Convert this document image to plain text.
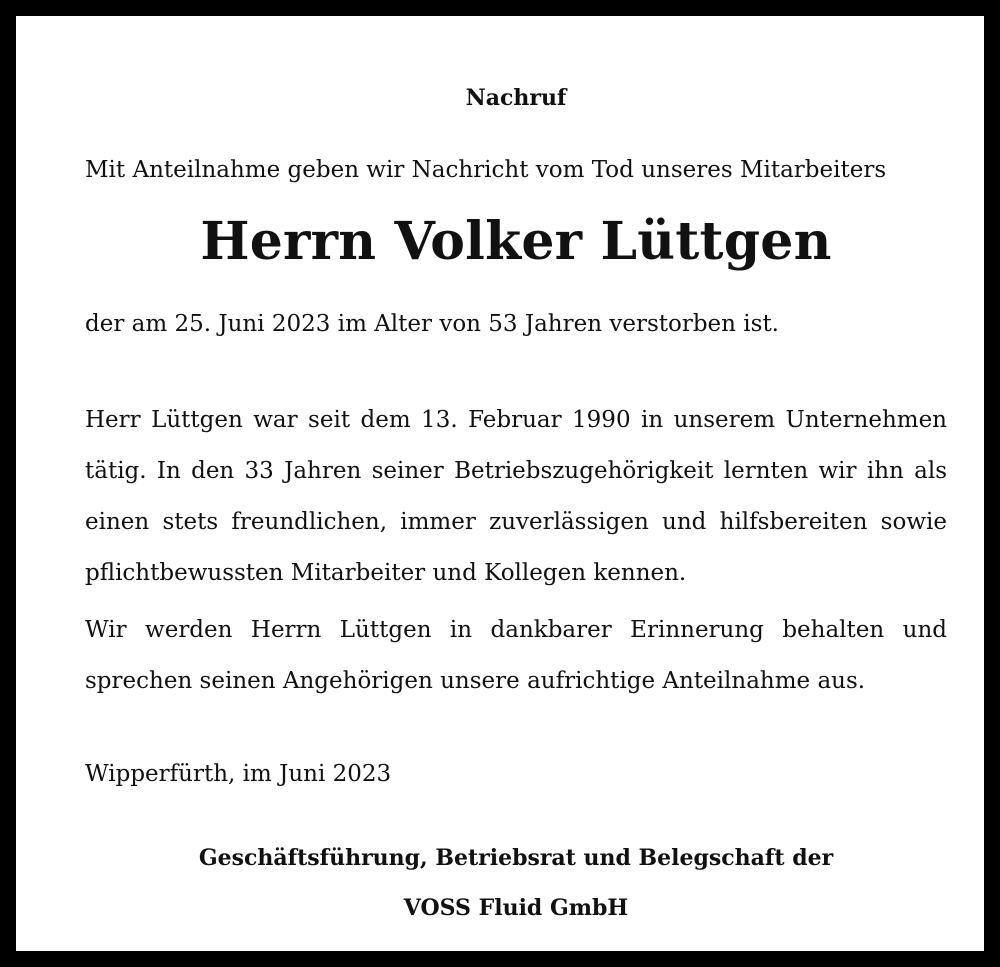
Nachruf

Mit Anteilnahme geben wir Nachricht vom Tod unseres Mitarbeiters

Herrn Volker Lüttgen

der am 25. Juni 2023 im Alter von 53 Jahren verstorben ist.

Herr Lüttgen war seit dem 13. Februar 1990 in unserem Unternehmen tätig. In den 33 Jahren seiner Betriebszugehörigkeit lernten wir ihn als einen stets freundlichen, immer zuverlässigen und hilfsbereiten sowie pflichtbewussten Mitarbeiter und Kollegen kennen.

Wir werden Herrn Lüttgen in dankbarer Erinnerung behalten und sprechen seinen Angehörigen unsere aufrichtige Anteilnahme aus.

Wipperfürth, im Juni 2023

Geschäftsführung, Betriebsrat und Belegschaft der

VOSS Fluid GmbH
